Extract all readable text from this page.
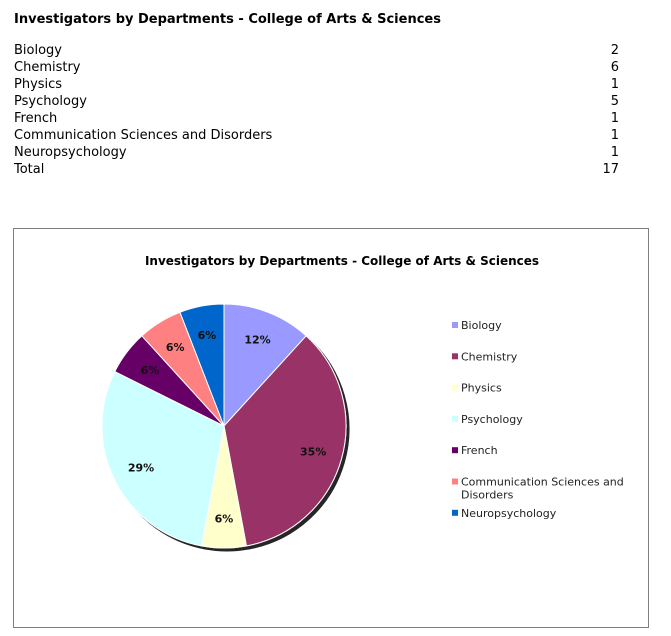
Investigators by Departments - College of Arts & Sciences
Biology	2
Chemistry	6
Physics	1
Psychology	5
French	1
Communication Sciences and Disorders	1
Neuropsychology	1
Total	17
Investigators by Departments - College of Arts & Sciences
12%
35%
6%
29%
6%
6%
6%
Biology
Chemistry
Physics
Psychology
French
Communication Sciences and
Disorders
Neuropsychology
